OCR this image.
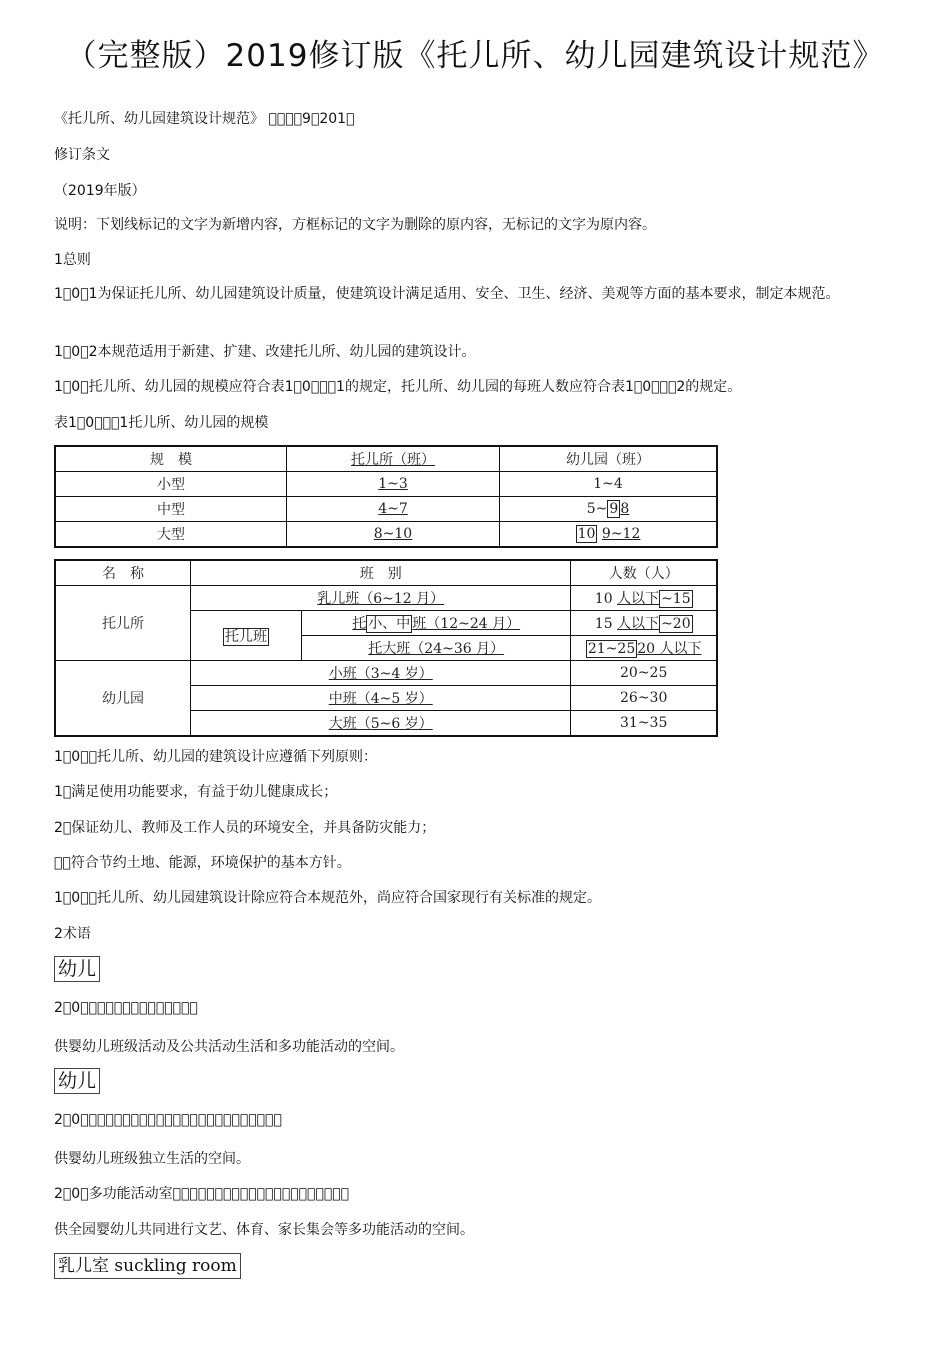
（完整版）2019修订版《托儿所、幼儿园建筑设计规范》
《托儿所、幼儿园建筑设计规范》 ￿￿￿￿9￿201￿
修订条文
（2019年版）
说明：下划线标记的文字为新增内容，方框标记的文字为删除的原内容，无标记的文字为原内容。
1总则
1￿0￿1为保证托儿所、幼儿园建筑设计质量，使建筑设计满足适用、安全、卫生、经济、美观等方面的基本要求，制定本规范。
1￿0￿2本规范适用于新建、扩建、改建托儿所、幼儿园的建筑设计。
1￿0￿托儿所、幼儿园的规模应符合表1￿0￿￿￿1的规定，托儿所、幼儿园的每班人数应符合表1￿0￿￿￿2的规定。
表1￿0￿￿￿1托儿所、幼儿园的规模
规　模	托儿所（班）	幼儿园（班）
小型	1~3	1~4
中型	4~7	5~ 9 8
大型	8~10	10 9~12
名　称	班　别		人数（人）
托儿所	乳儿班（6~12 月）		10 人以下 ~15
	托儿班	托 小、中 班（12~24 月）	15 人以下 ~20
		托大班（24~36 月）	21~25 20 人以下
幼儿园	小班（3~4 岁）		20~25
	中班（4~5 岁）		26~30
	大班（5~6 岁）		31~35
1￿0￿￿托儿所、幼儿园的建筑设计应遵循下列原则：
1￿满足使用功能要求，有益于幼儿健康成长；
2￿保证幼儿、教师及工作人员的环境安全，并具备防灾能力；
￿￿符合节约土地、能源，环境保护的基本方针。
1￿0￿￿托儿所、幼儿园建筑设计除应符合本规范外，尚应符合国家现行有关标准的规定。
2术语
幼儿
2￿0￿￿￿￿￿￿￿￿￿￿￿￿￿￿
供婴幼儿班级活动及公共活动生活和多功能活动的空间。
幼儿
2￿0￿￿￿￿￿￿￿￿￿￿￿￿￿￿￿￿￿￿￿￿￿￿￿￿
供婴幼儿班级独立生活的空间。
2￿0￿多功能活动室￿￿￿￿￿￿￿￿￿￿￿￿￿￿￿￿￿￿￿￿￿
供全园婴幼儿共同进行文艺、体育、家长集会等多功能活动的空间。
乳儿室 suckling room
